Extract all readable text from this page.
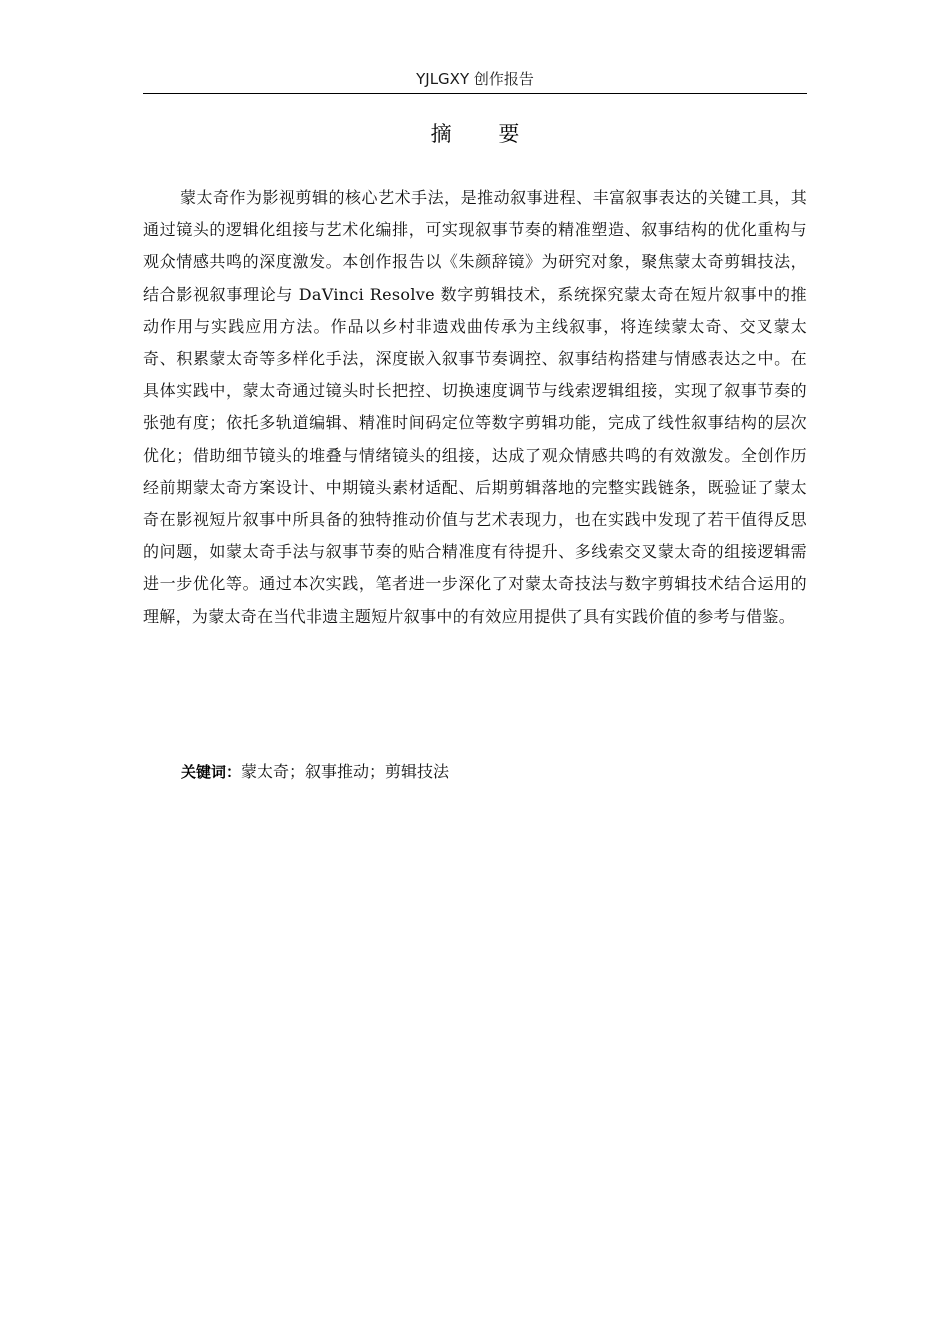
YJLGXY 创作报告
摘 要

蒙太奇作为影视剪辑的核心艺术手法，是推动叙事进程、丰富叙事表达的关键工具，其通过镜头的逻辑化组接与艺术化编排，可实现叙事节奏的精准塑造、叙事结构的优化重构与观众情感共鸣的深度激发。本创作报告以《朱颜辞镜》为研究对象，聚焦蒙太奇剪辑技法，结合影视叙事理论与 DaVinci Resolve 数字剪辑技术，系统探究蒙太奇在短片叙事中的推动作用与实践应用方法。作品以乡村非遗戏曲传承为主线叙事，将连续蒙太奇、交叉蒙太奇、积累蒙太奇等多样化手法，深度嵌入叙事节奏调控、叙事结构搭建与情感表达之中。在具体实践中，蒙太奇通过镜头时长把控、切换速度调节与线索逻辑组接，实现了叙事节奏的张弛有度；依托多轨道编辑、精准时间码定位等数字剪辑功能，完成了线性叙事结构的层次优化；借助细节镜头的堆叠与情绪镜头的组接，达成了观众情感共鸣的有效激发。全创作历经前期蒙太奇方案设计、中期镜头素材适配、后期剪辑落地的完整实践链条，既验证了蒙太奇在影视短片叙事中所具备的独特推动价值与艺术表现力，也在实践中发现了若干值得反思的问题，如蒙太奇手法与叙事节奏的贴合精准度有待提升、多线索交叉蒙太奇的组接逻辑需进一步优化等。通过本次实践，笔者进一步深化了对蒙太奇技法与数字剪辑技术结合运用的理解，为蒙太奇在当代非遗主题短片叙事中的有效应用提供了具有实践价值的参考与借鉴。

关键词：蒙太奇；叙事推动；剪辑技法
